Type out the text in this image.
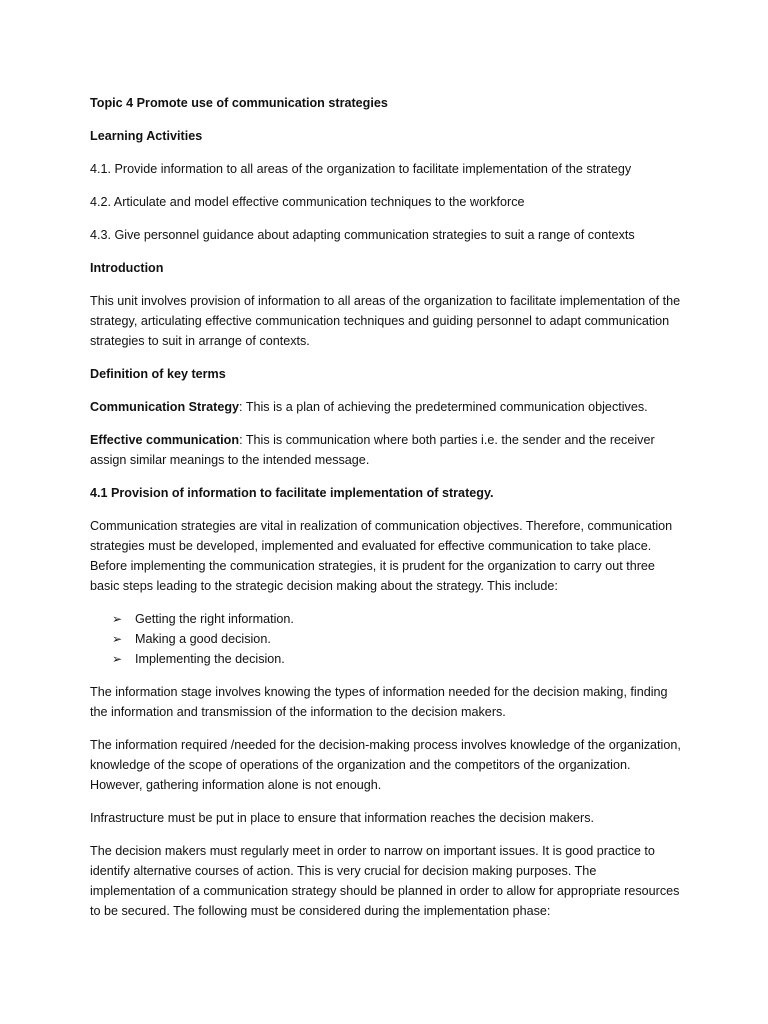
Topic 4 Promote use of communication strategies

Learning Activities

4.1. Provide information to all areas of the organization to facilitate implementation of the strategy

4.2. Articulate and model effective communication techniques to the workforce

4.3. Give personnel guidance about adapting communication strategies to suit a range of contexts

Introduction

This unit involves provision of information to all areas of the organization to facilitate implementation of the strategy, articulating effective communication techniques and guiding personnel to adapt communication strategies to suit in arrange of contexts.

Definition of key terms

Communication Strategy: This is a plan of achieving the predetermined communication objectives.

Effective communication: This is communication where both parties i.e. the sender and the receiver assign similar meanings to the intended message.

4.1 Provision of information to facilitate implementation of strategy.

Communication strategies are vital in realization of communication objectives. Therefore, communication strategies must be developed, implemented and evaluated for effective communication to take place. Before implementing the communication strategies, it is prudent for the organization to carry out three basic steps leading to the strategic decision making about the strategy. This include:

➢ Getting the right information.
➢ Making a good decision.
➢ Implementing the decision.

The information stage involves knowing the types of information needed for the decision making, finding the information and transmission of the information to the decision makers.

The information required /needed for the decision-making process involves knowledge of the organization, knowledge of the scope of operations of the organization and the competitors of the organization. However, gathering information alone is not enough.

Infrastructure must be put in place to ensure that information reaches the decision makers.

The decision makers must regularly meet in order to narrow on important issues. It is good practice to identify alternative courses of action. This is very crucial for decision making purposes. The implementation of a communication strategy should be planned in order to allow for appropriate resources to be secured. The following must be considered during the implementation phase:
